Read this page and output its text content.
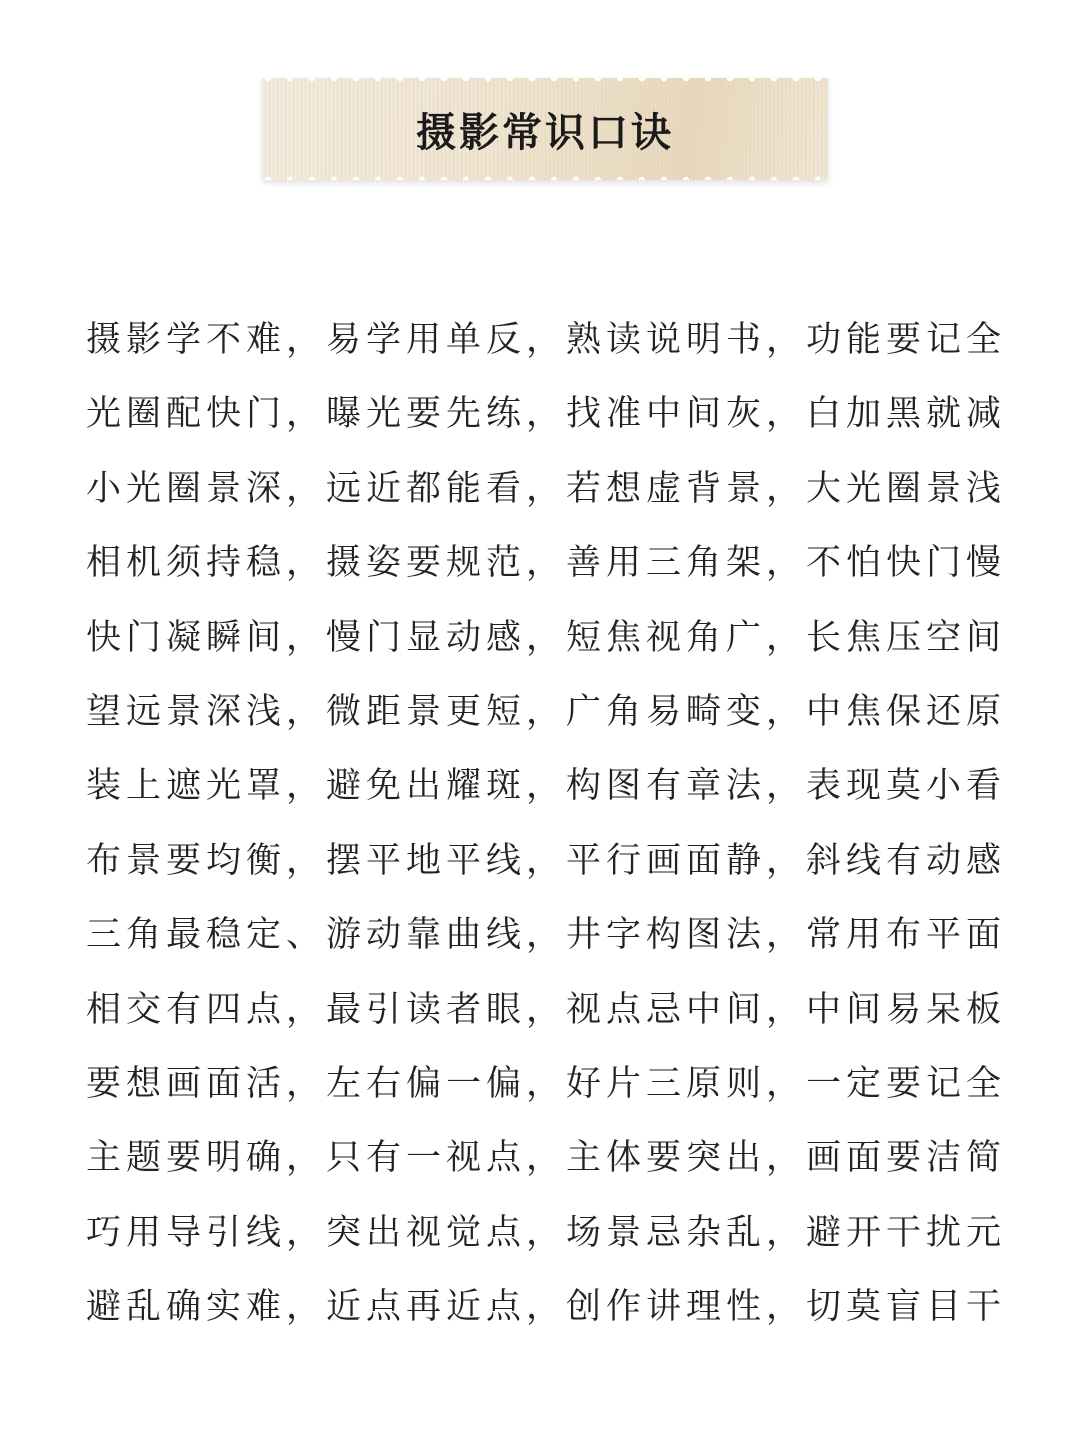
摄影常识口诀
摄影学不难，易学用单反，熟读说明书，功能要记全
光圈配快门，曝光要先练，找准中间灰，白加黑就减
小光圈景深，远近都能看，若想虚背景，大光圈景浅
相机须持稳，摄姿要规范，善用三角架，不怕快门慢
快门凝瞬间，慢门显动感，短焦视角广，长焦压空间
望远景深浅，微距景更短，广角易畸变，中焦保还原
装上遮光罩，避免出耀斑，构图有章法，表现莫小看
布景要均衡，摆平地平线，平行画面静，斜线有动感
三角最稳定、游动靠曲线，井字构图法，常用布平面
相交有四点，最引读者眼，视点忌中间，中间易呆板
要想画面活，左右偏一偏，好片三原则，一定要记全
主题要明确，只有一视点，主体要突出，画面要洁简
巧用导引线，突出视觉点，场景忌杂乱，避开干扰元
避乱确实难，近点再近点，创作讲理性，切莫盲目干
